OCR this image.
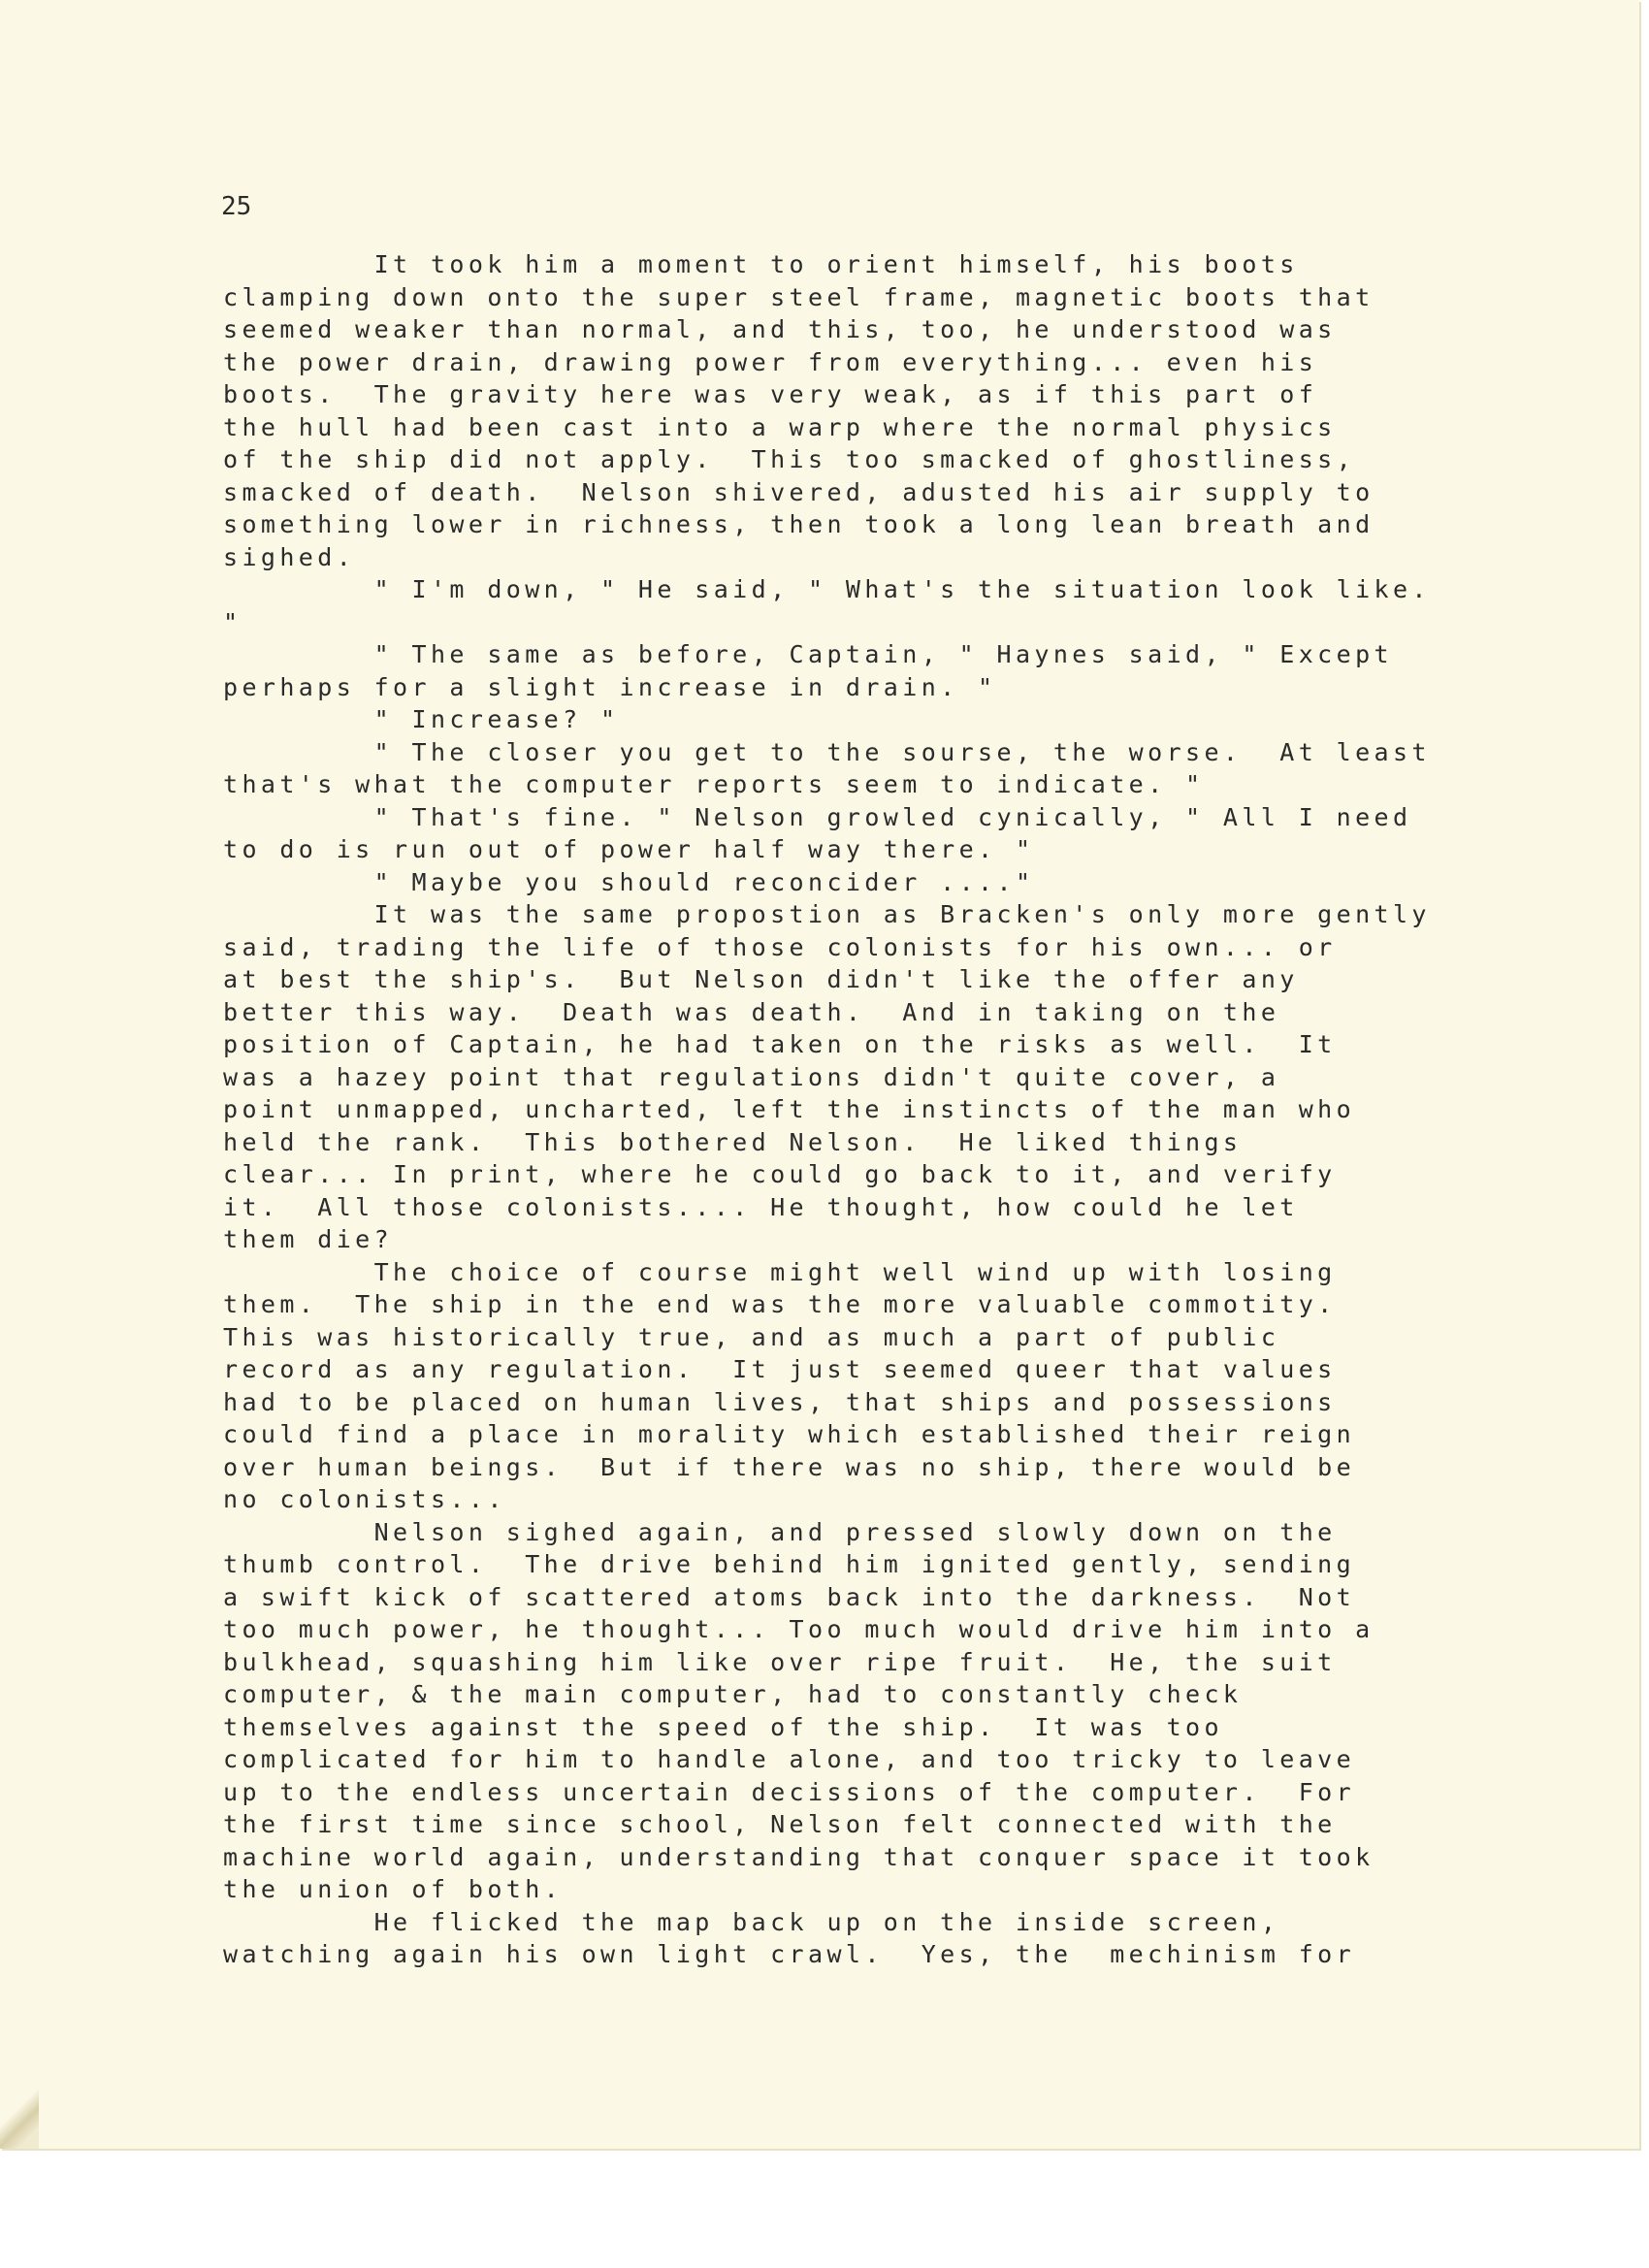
25

It took him a moment to orient himself, his boots
clamping down onto the super steel frame, magnetic boots that
seemed weaker than normal, and this, too, he understood was
the power drain, drawing power from everything... even his
boots.  The gravity here was very weak, as if this part of
the hull had been cast into a warp where the normal physics
of the ship did not apply.  This too smacked of ghostliness,
smacked of death.  Nelson shivered, adusted his air supply to
something lower in richness, then took a long lean breath and
sighed.
" I'm down, " He said, " What's the situation look like.
"
" The same as before, Captain, " Haynes said, " Except
perhaps for a slight increase in drain. "
" Increase? "
" The closer you get to the sourse, the worse.  At least
that's what the computer reports seem to indicate. "
" That's fine. " Nelson growled cynically, " All I need
to do is run out of power half way there. "
" Maybe you should reconcider ...."
It was the same propostion as Bracken's only more gently
said, trading the life of those colonists for his own... or
at best the ship's.  But Nelson didn't like the offer any
better this way.  Death was death.  And in taking on the
position of Captain, he had taken on the risks as well.  It
was a hazey point that regulations didn't quite cover, a
point unmapped, uncharted, left the instincts of the man who
held the rank.  This bothered Nelson.  He liked things
clear... In print, where he could go back to it, and verify
it.  All those colonists.... He thought, how could he let
them die?
The choice of course might well wind up with losing
them.  The ship in the end was the more valuable commotity.
This was historically true, and as much a part of public
record as any regulation.  It just seemed queer that values
had to be placed on human lives, that ships and possessions
could find a place in morality which established their reign
over human beings.  But if there was no ship, there would be
no colonists...
Nelson sighed again, and pressed slowly down on the
thumb control.  The drive behind him ignited gently, sending
a swift kick of scattered atoms back into the darkness.  Not
too much power, he thought... Too much would drive him into a
bulkhead, squashing him like over ripe fruit.  He, the suit
computer, & the main computer, had to constantly check
themselves against the speed of the ship.  It was too
complicated for him to handle alone, and too tricky to leave
up to the endless uncertain decissions of the computer.  For
the first time since school, Nelson felt connected with the
machine world again, understanding that conquer space it took
the union of both.
He flicked the map back up on the inside screen,
watching again his own light crawl.  Yes, the  mechinism for
